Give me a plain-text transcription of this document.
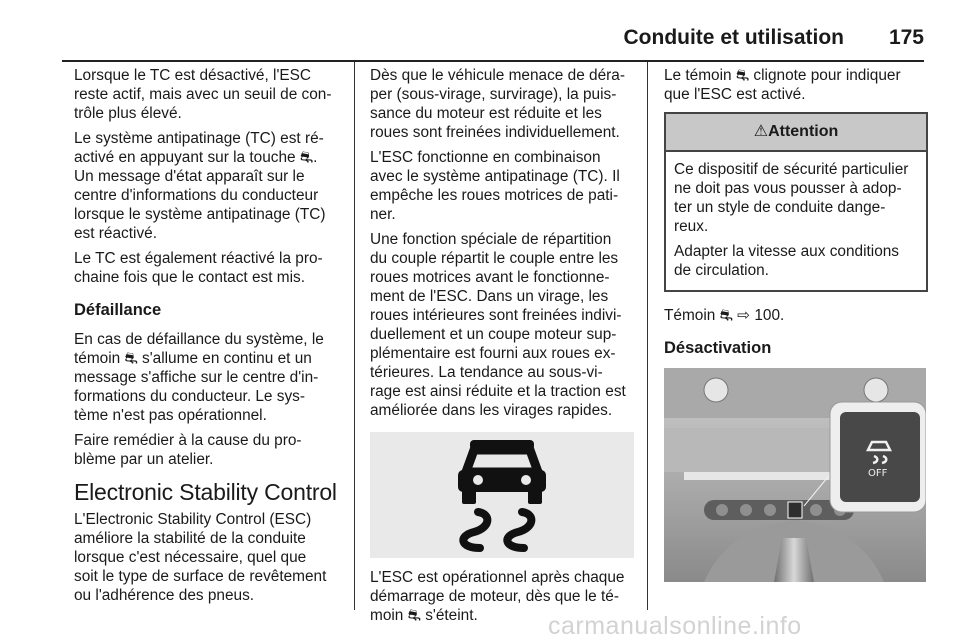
Conduite et utilisation 175

Lorsque le TC est désactivé, l'ESC
reste actif, mais avec un seuil de con-
trôle plus élevé.

Le système antipatinage (TC) est ré-
activé en appuyant sur la touche ⛐.
Un message d'état apparaît sur le
centre d'informations du conducteur
lorsque le système antipatinage (TC)
est réactivé.

Le TC est également réactivé la pro-
chaine fois que le contact est mis.

Défaillance

En cas de défaillance du système, le
témoin ⛐ s'allume en continu et un
message s'affiche sur le centre d'in-
formations du conducteur. Le sys-
tème n'est pas opérationnel.

Faire remédier à la cause du pro-
blème par un atelier.

Electronic Stability Control

L'Electronic Stability Control (ESC)
améliore la stabilité de la conduite
lorsque c'est nécessaire, quel que
soit le type de surface de revêtement
ou l'adhérence des pneus.

Dès que le véhicule menace de déra-
per (sous-virage, survirage), la puis-
sance du moteur est réduite et les
roues sont freinées individuellement.

L'ESC fonctionne en combinaison
avec le système antipatinage (TC). Il
empêche les roues motrices de pati-
ner.

Une fonction spéciale de répartition
du couple répartit le couple entre les
roues motrices avant le fonctionne-
ment de l'ESC. Dans un virage, les
roues intérieures sont freinées indivi-
duellement et un coupe moteur sup-
plémentaire est fourni aux roues ex-
térieures. La tendance au sous-vi-
rage est ainsi réduite et la traction est
améliorée dans les virages rapides.

L'ESC est opérationnel après chaque
démarrage de moteur, dès que le té-
moin ⛐ s'éteint.

Le témoin ⛐ clignote pour indiquer
que l'ESC est activé.

⚠Attention

Ce dispositif de sécurité particulier
ne doit pas vous pousser à adop-
ter un style de conduite dange-
reux.

Adapter la vitesse aux conditions
de circulation.

Témoin ⛐ ⇨ 100.

Désactivation
OFF
carmanualsonline.info
